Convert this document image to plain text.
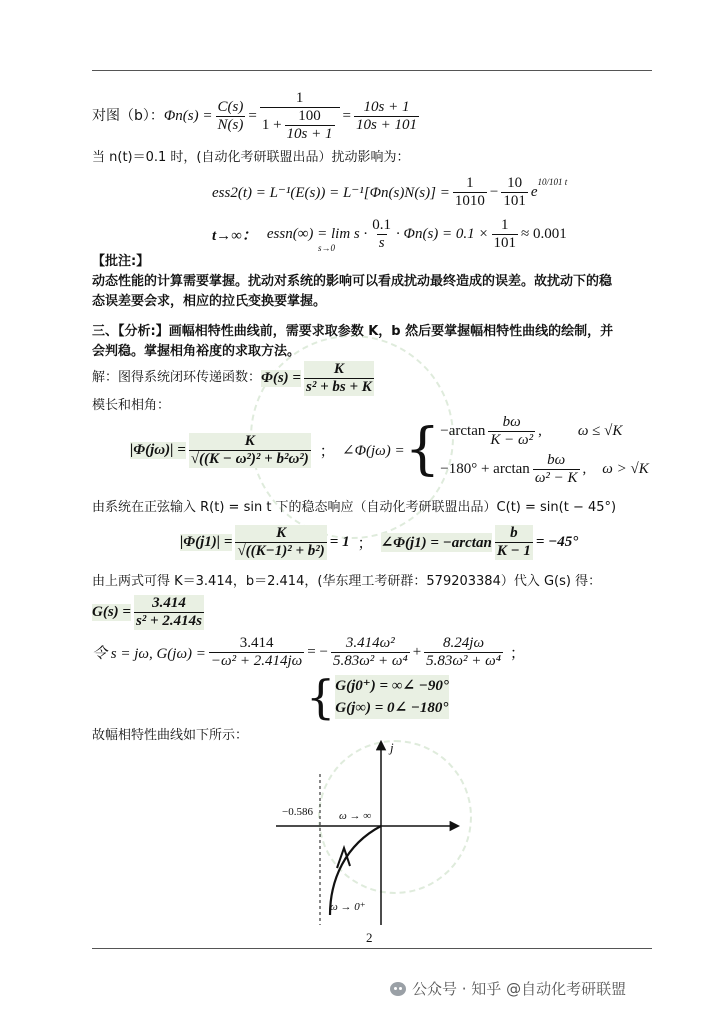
对图（b）： $\Phi n(s) = \frac{C(s)}{N(s)} = \frac{1}{1 + \frac{100}{10s + 1}} = \frac{10s + 1}{10s + 101}$
当 n(t)＝0.1 时，(自动化考研联盟出品）扰动影响为：
$ess2(t) = L^{-1}(E(s)) = L^{-1}[\Phi n(s)N(s)] = \frac{1}{1010} - \frac{10}{101}$ e
10/101 t
t→∞： essn(∞) = $\lim s \cdot \frac{0.1}{s} \cdot \Phi n(s) = 0.1 \times \frac{1}{101} \approx 0.001$
s→0
【批注:】
动态性能的计算需要掌握。扰动对系统的影响可以看成扰动最终造成的误差。故扰动下的稳
态误差要会求，相应的拉氏变换要掌握。
三、【分析:】画幅相特性曲线前，需要求取参数 K，b 然后要掌握幅相特性曲线的绘制，并
会判稳。掌握相角裕度的求取方法。
解：图得系统闭环传递函数： $\Phi(s) = \frac{K}{\text{s² + bs + K}}$
模长和相角：
$|\Phi(j\omega)| = \frac{K}{\text{√((K − ω²)² + b²ω²)}}$ ； ∠Φ(jω) = { $-\arctan \frac{b\omega}{\text{K − ω²}}$ , ω ≤ √K
$-180^\circ + \arctan \frac{b\omega}{\text{ω² − K}}$ , ω > √K
由系统在正弦输入 R(t) = sin t 下的稳态响应（自动化考研联盟出品）C(t) = sin(t − 45°)
$|\Phi(j1)| = \frac{K}{\text{√((K−1)² + b²)}} = 1$ ； ∠Φ(j1) = $-\arctan \frac{b}{K - 1} = -45^\circ$
由上两式可得 K＝3.414，b＝2.414，(华东理工考研群：579203384）代入 G(s) 得：
$G(s) = \frac{3.414}{\text{s² + 2.414s}}$
令 s = jω, $G(j\omega) = \frac{3.414}{\text{−ω² + 2.414jω}}$ = − $\frac{\text{3.414ω²}}{\text{5.83ω² + ω⁴}} + \frac{8.24j\omega}{\text{5.83ω² + ω⁴}}$ ；
{ G(j0⁺) = ∞∠ −90°
G(j∞) = 0∠ −180°
故幅相特性曲线如下所示：
j
−0.586 ω → ∞
ω → 0⁺
2
公众号 · 知乎 @自动化考研联盟
